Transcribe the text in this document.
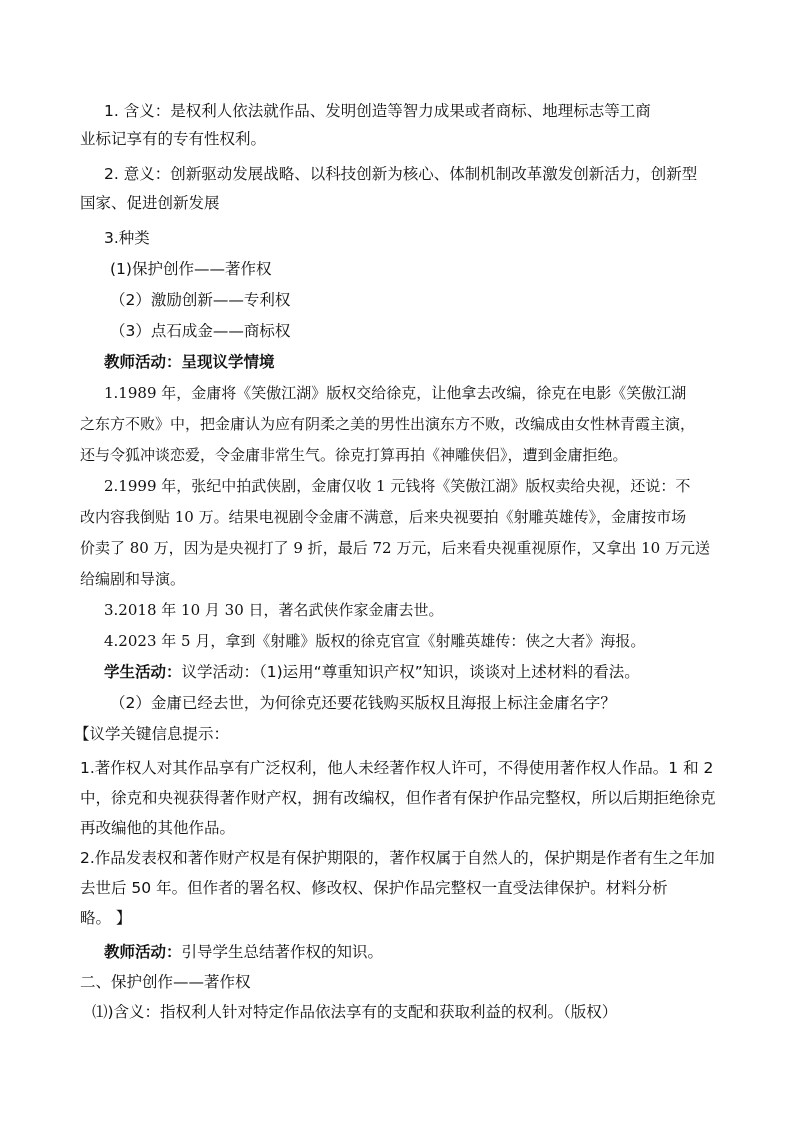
1. 含义：是权利人依法就作品、发明创造等智力成果或者商标、地理标志等工商
业标记享有的专有性权利。
2. 意义：创新驱动发展战略、以科技创新为核心、体制机制改革激发创新活力，创新型
国家、促进创新发展
3.种类
(1)保护创作——著作权
（2）激励创新——专利权
（3）点石成金——商标权
教师活动：呈现议学情境
1.1989 年，金庸将《笑傲江湖》版权交给徐克，让他拿去改编，徐克在电影《笑傲江湖
之东方不败》中，把金庸认为应有阴柔之美的男性出演东方不败，改编成由女性林青霞主演，
还与令狐冲谈恋爱，令金庸非常生气。徐克打算再拍《神雕侠侣》，遭到金庸拒绝。
2.1999 年，张纪中拍武侠剧，金庸仅收 1 元钱将《笑傲江湖》版权卖给央视，还说：不
改内容我倒贴 10 万。结果电视剧令金庸不满意，后来央视要拍《射雕英雄传》，金庸按市场
价卖了 80 万，因为是央视打了 9 折，最后 72 万元，后来看央视重视原作，又拿出 10 万元送
给编剧和导演。
3.2018 年 10 月 30 日，著名武侠作家金庸去世。
4.2023 年 5 月，拿到《射雕》版权的徐克官宣《射雕英雄传：侠之大者》海报。
学生活动：议学活动：（1)运用“尊重知识产权”知识，谈谈对上述材料的看法。
（2）金庸已经去世，为何徐克还要花钱购买版权且海报上标注金庸名字？
【议学关键信息提示：
1.著作权人对其作品享有广泛权利，他人未经著作权人许可，不得使用著作权人作品。1 和 2
中，徐克和央视获得著作财产权，拥有改编权，但作者有保护作品完整权，所以后期拒绝徐克
再改编他的其他作品。
2.作品发表权和著作财产权是有保护期限的，著作权属于自然人的，保护期是作者有生之年加
去世后 50 年。但作者的署名权、修改权、保护作品完整权一直受法律保护。材料分析
略。 】
教师活动：引导学生总结著作权的知识。
二、保护创作——著作权
⑴)含义：指权利人针对特定作品依法享有的支配和获取利益的权利。（版权）
